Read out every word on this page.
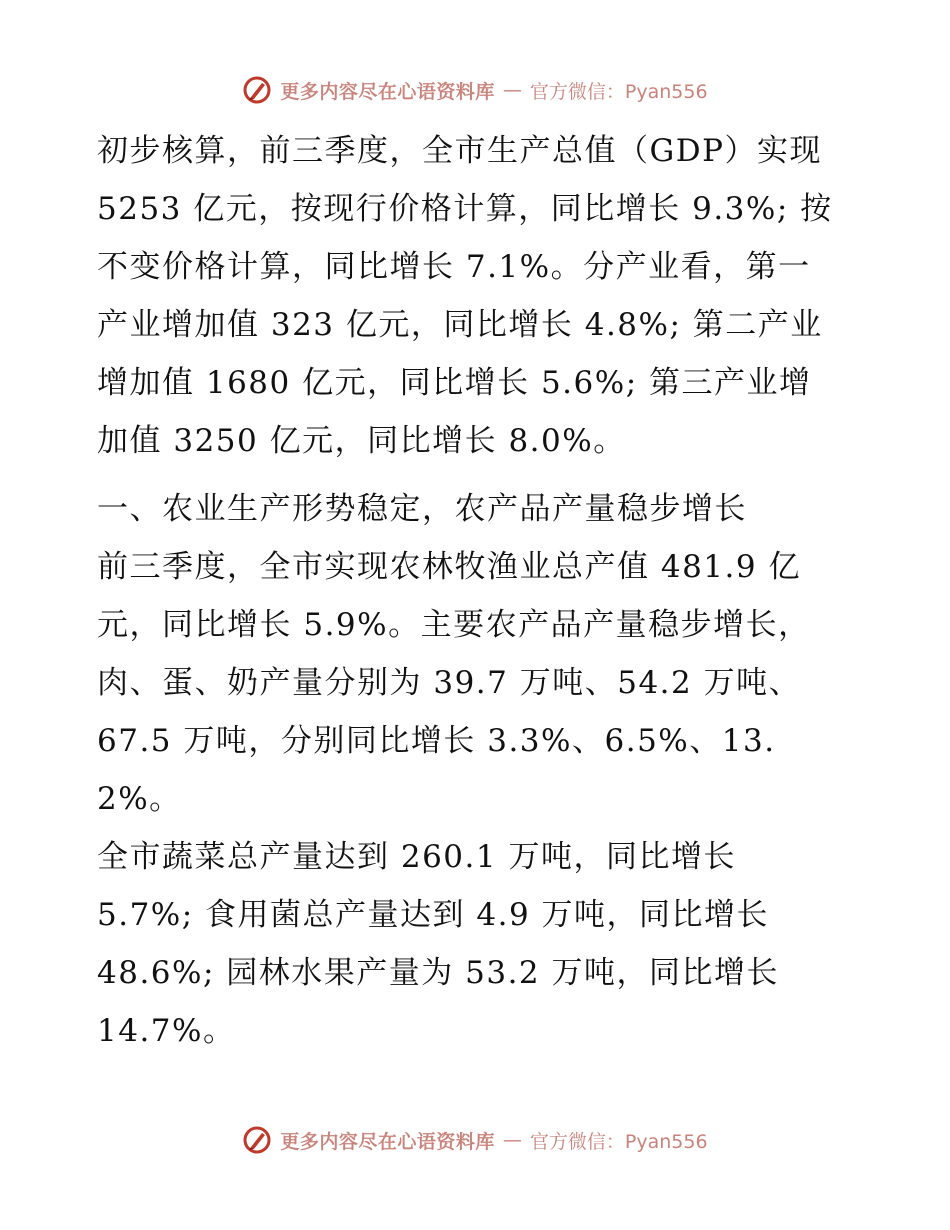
更多内容尽在心语资料库 — 官方微信：Pyan556

初步核算，前三季度，全市生产总值（GDP）实现
5253 亿元，按现行价格计算，同比增长 9.3%; 按
不变价格计算，同比增长 7.1%。分产业看，第一
产业增加值 323 亿元，同比增长 4.8%; 第二产业
增加值 1680 亿元，同比增长 5.6%; 第三产业增
加值 3250 亿元，同比增长 8.0%。

一、农业生产形势稳定，农产品产量稳步增长

前三季度，全市实现农林牧渔业总产值 481.9 亿
元，同比增长 5.9%。主要农产品产量稳步增长，
肉、蛋、奶产量分别为 39.7 万吨、54.2 万吨、
67.5 万吨，分别同比增长 3.3%、6.5%、13.2%。
全市蔬菜总产量达到 260.1 万吨，同比增长
5.7%; 食用菌总产量达到 4.9 万吨，同比增长
48.6%; 园林水果产量为 53.2 万吨，同比增长
14.7%。

更多内容尽在心语资料库 — 官方微信：Pyan556
